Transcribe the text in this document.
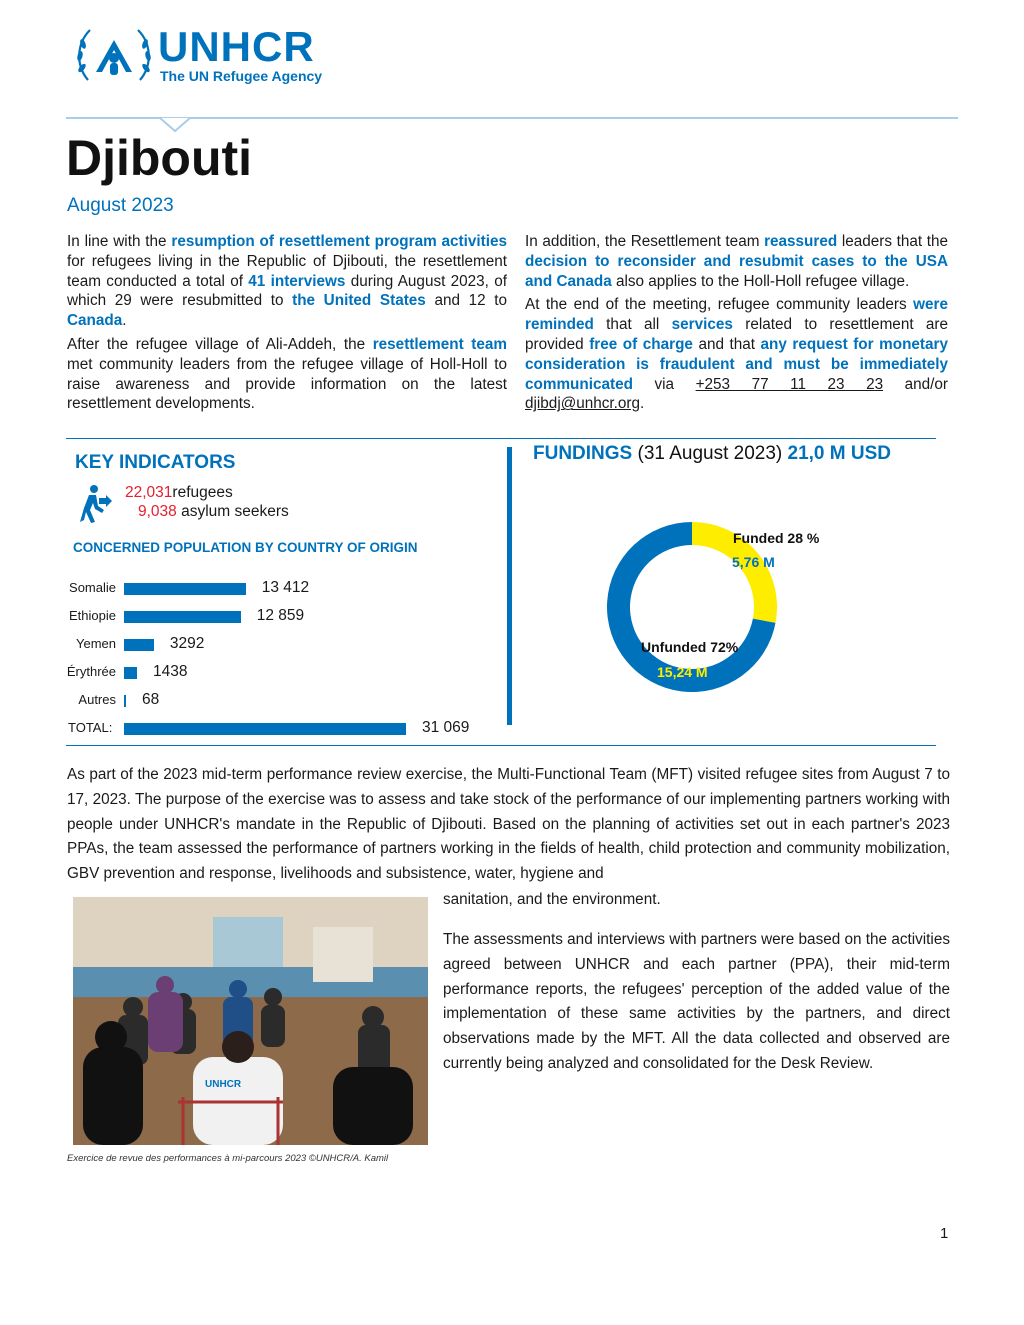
UNHCR
The UN Refugee Agency
Djibouti
August 2023

In line with the resumption of resettlement program activities for refugees living in the Republic of Djibouti, the resettlement team conducted a total of 41 interviews during August 2023, of which 29 were resubmitted to the United States and 12 to Canada.

After the refugee village of Ali-Addeh, the resettlement team met community leaders from the refugee village of Holl-Holl to raise awareness and provide information on the latest resettlement developments.

In addition, the Resettlement team reassured leaders that the decision to reconsider and resubmit cases to the USA and Canada also applies to the Holl-Holl refugee village.

At the end of the meeting, refugee community leaders were reminded that all services related to resettlement are provided free of charge and that any request for monetary consideration is fraudulent and must be immediately communicated via +253 77 11 23 23 and/or djibdj@unhcr.org.

KEY INDICATORS
22,031refugees
9,038 asylum seekers
CONCERNED POPULATION BY COUNTRY OF ORIGIN
Somalie	13 412
Ethiopie	12 859
Yemen	3292
Érythrée 1438
Autres 68
TOTAL:	31 069
FUNDINGS (31 August 2023) 21,0 M USD
Funded 28 %
5,76 M
Unfunded 72%
15,24 M
As part of the 2023 mid-term performance review exercise, the Multi-Functional Team (MFT) visited refugee sites from August 7 to 17, 2023. The purpose of the exercise was to assess and take stock of the performance of our implementing partners working with people under UNHCR's mandate in the Republic of Djibouti. Based on the planning of activities set out in each partner's 2023 PPAs, the team assessed the performance of partners working in the fields of health, child protection and community mobilization, GBV prevention and response, livelihoods and subsistence, water, hygiene and
sanitation, and the environment.
The assessments and interviews with partners were based on the activities agreed between UNHCR and each partner (PPA), their mid-term performance reports, the refugees' perception of the added value of the implementation of these same activities by the partners, and direct observations made by the MFT. All the data collected and observed are currently being analyzed and consolidated for the Desk Review.
UNHCR
Exercice de revue des performances à mi-parcours 2023 ©UNHCR/A. Kamil
1
